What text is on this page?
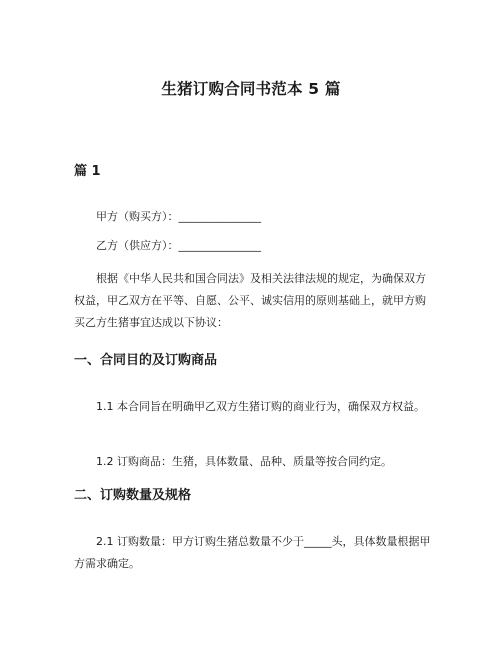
生猪订购合同书范本 5 篇
篇 1
甲方（购买方）：_______________
乙方（供应方）：_______________

根据《中华人民共和国合同法》及相关法律法规的规定，为确保双方权益，甲乙双方在平等、自愿、公平、诚实信用的原则基础上，就甲方购买乙方生猪事宜达成以下协议：

一、合同目的及订购商品

1.1 本合同旨在明确甲乙双方生猪订购的商业行为，确保双方权益。

1.2 订购商品：生猪，具体数量、品种、质量等按合同约定。

二、订购数量及规格

2.1 订购数量：甲方订购生猪总数量不少于_____头，具体数量根据甲方需求确定。
